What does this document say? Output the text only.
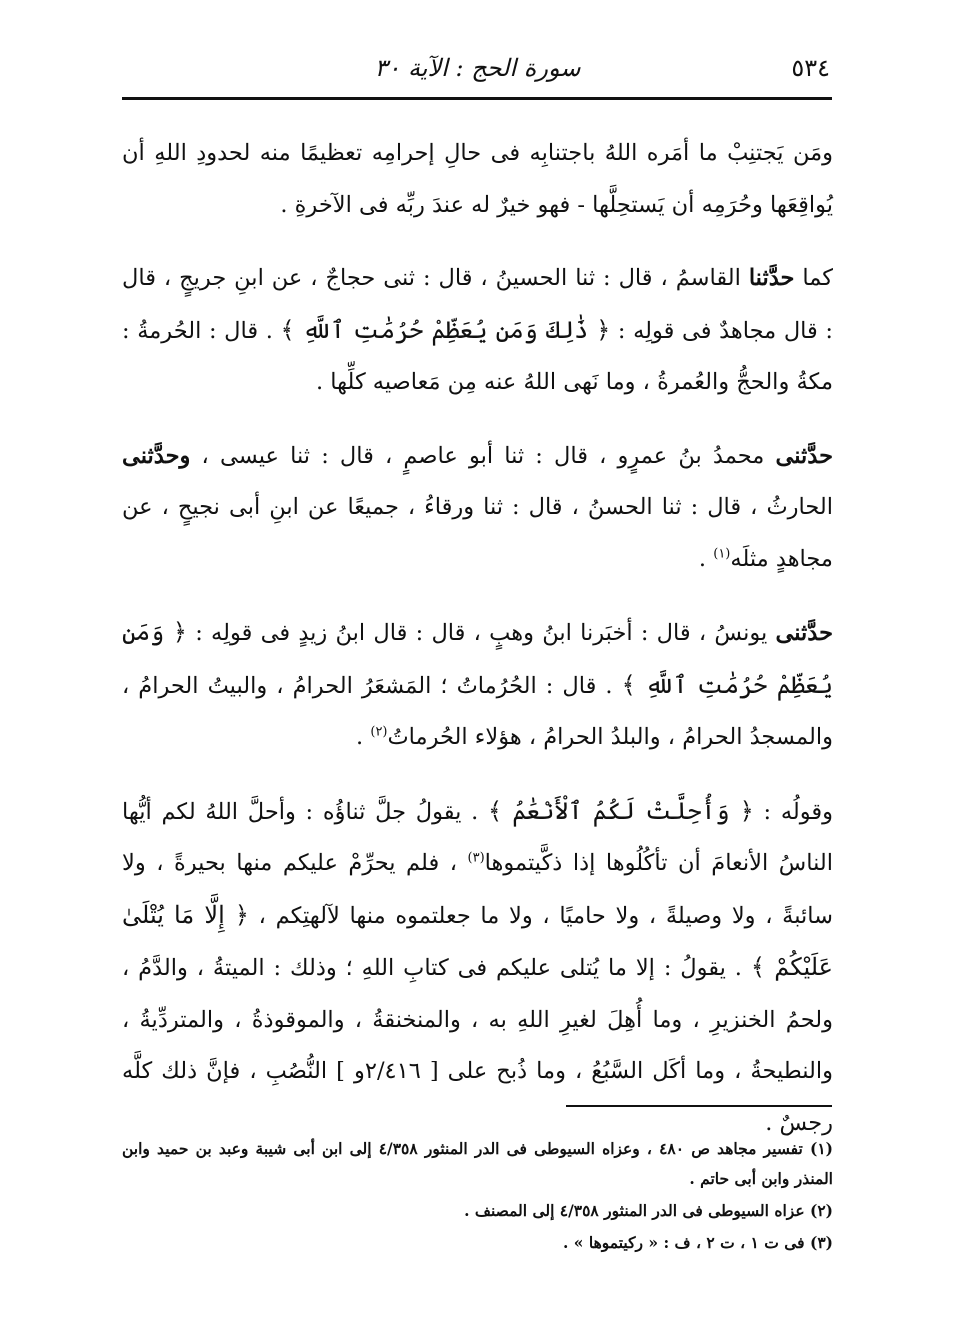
٥٣٤
سورة الحج : الآية ٣٠

ومَن يَجتنِبْ ما أمَره اللهُ باجتنابِه فى حالِ إحرامِه تعظيمًا منه لحدودِ اللهِ أن يُواقِعَها وحُرَمِه أن يَستحِلَّها - فهو خيرٌ له عندَ ربِّه فى الآخرةِ .

كما حدَّثنا القاسمُ ، قال : ثنا الحسينُ ، قال : ثنى حجاجٌ ، عن ابنِ جريجٍ ، قال : قال مجاهدٌ فى قولِه : ﴿ ذَٰلِكَ وَمَن يُعَظِّمْ حُرُمَٰتِ ٱللَّهِ ﴾ . قال : الحُرمةُ : مكةُ والحجُّ والعُمرةُ ، وما نَهى اللهُ عنه مِن مَعاصيه كلِّها .

حدَّثنى محمدُ بنُ عمرٍو ، قال : ثنا أبو عاصمٍ ، قال : ثنا عيسى ، وحدَّثنى الحارثُ ، قال : ثنا الحسنُ ، قال : ثنا ورقاءُ ، جميعًا عن ابنِ أبى نجيحٍ ، عن مجاهدٍ مثلَه$^{(١)}$ .

حدَّثنى يونسُ ، قال : أخبَرنا ابنُ وهبٍ ، قال : قال ابنُ زيدٍ فى قولِه : ﴿ وَمَن يُعَظِّمْ حُرُمَٰتِ ٱللَّهِ ﴾ . قال : الحُرُماتُ ؛ المَشعَرُ الحرامُ ، والبيتُ الحرامُ ، والمسجدُ الحرامُ ، والبلدُ الحرامُ ، هؤلاء الحُرماتُ$^{(٢)}$ .

وقولُه : ﴿ وَأُحِلَّتْ لَكُمُ ٱلْأَنْعَٰمُ ﴾ . يقولُ جلَّ ثناؤُه : وأحلَّ اللهُ لكم أيُّها الناسُ الأنعامَ أن تأكُلُوها إذا ذكَّيتموها$^{(٣)}$ ، فلم يحرِّمْ عليكم منها بحيرةً ، ولا سائبةً ، ولا وصيلةً ، ولا حاميًا ، ولا ما جعلتموه منها لآلهتِكم ، ﴿ إِلَّا مَا يُتْلَىٰ عَلَيْكُمْ ﴾ . يقولُ : إلا ما يُتلى عليكم فى كتابِ اللهِ ؛ وذلك : الميتةُ ، والدَّمُ ، ولحمُ الخنزيرِ ، وما أُهِلَ لغيرِ اللهِ به ، والمنخنقةُ ، والموقوذةُ ، والمتردِّيةُ ، والنطيحةُ ، وما أكَل السَّبُعُ ، وما ذُبح على [ ٢/٤١٦و ] النُّصُبِ ، فإنَّ ذلك كلَّه رجسٌ .

(١) تفسير مجاهد ص ٤٨٠ ، وعزاه السيوطى فى الدر المنثور ٤/٣٥٨ إلى ابن أبى شيبة وعبد بن حميد وابن المنذر وابن أبى حاتم .

(٢) عزاه السيوطى فى الدر المنثور ٤/٣٥٨ إلى المصنف .

(٣) فى ت ١ ، ت ٢ ، ف : « ركيتموها » .
